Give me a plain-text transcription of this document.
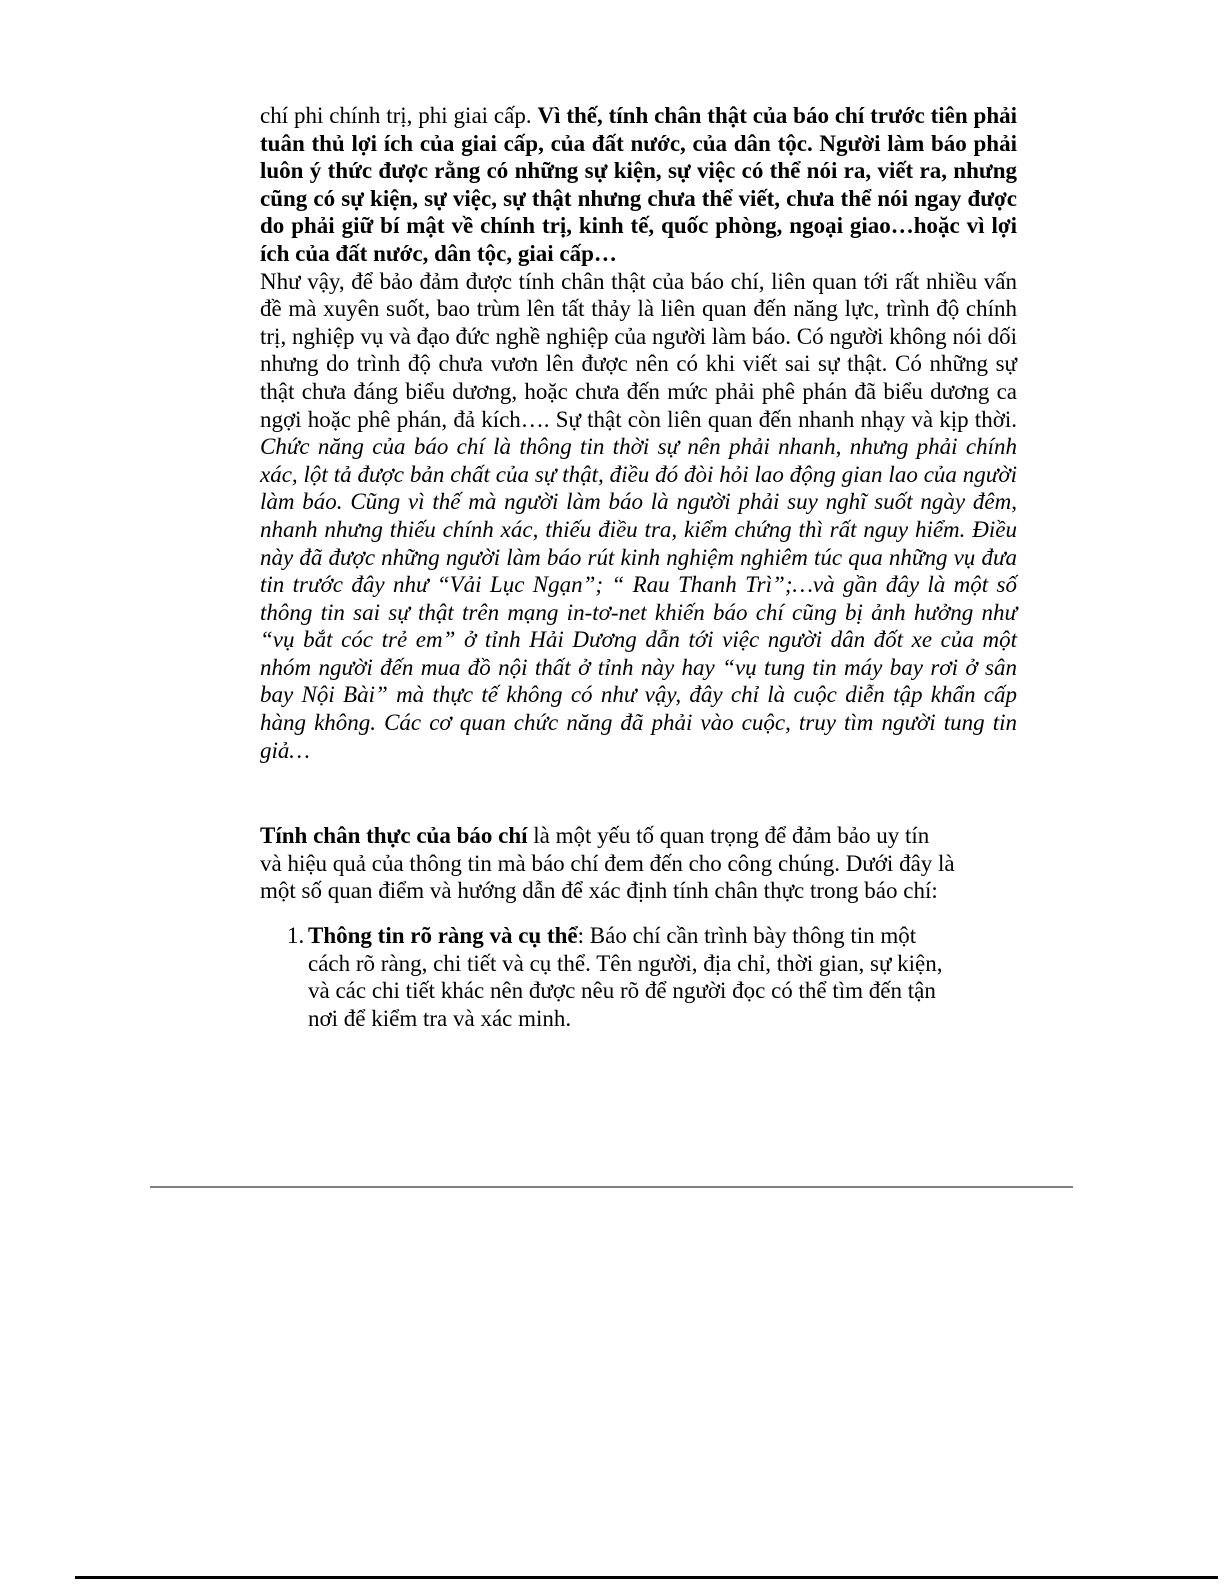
chí phi chính trị, phi giai cấp. Vì thế, tính chân thật của báo chí trước tiên phải tuân thủ lợi ích của giai cấp, của đất nước, của dân tộc. Người làm báo phải luôn ý thức được rằng có những sự kiện, sự việc có thể nói ra, viết ra, nhưng cũng có sự kiện, sự việc, sự thật nhưng chưa thể viết, chưa thể nói ngay được do phải giữ bí mật về chính trị, kinh tế, quốc phòng, ngoại giao…hoặc vì lợi ích của đất nước, dân tộc, giai cấp…

Như vậy, để bảo đảm được tính chân thật của báo chí, liên quan tới rất nhiều vấn đề mà xuyên suốt, bao trùm lên tất thảy là liên quan đến năng lực, trình độ chính trị, nghiệp vụ và đạo đức nghề nghiệp của người làm báo. Có người không nói dối nhưng do trình độ chưa vươn lên được nên có khi viết sai sự thật. Có những sự thật chưa đáng biểu dương, hoặc chưa đến mức phải phê phán đã biểu dương ca ngợi hoặc phê phán, đả kích…. Sự thật còn liên quan đến nhanh nhạy và kịp thời. Chức năng của báo chí là thông tin thời sự nên phải nhanh, nhưng phải chính xác, lột tả được bản chất của sự thật, điều đó đòi hỏi lao động gian lao của người làm báo. Cũng vì thế mà người làm báo là người phải suy nghĩ suốt ngày đêm, nhanh nhưng thiếu chính xác, thiếu điều tra, kiểm chứng thì rất nguy hiểm. Điều này đã được những người làm báo rút kinh nghiệm nghiêm túc qua những vụ đưa tin trước đây như “Vải Lục Ngạn”; “ Rau Thanh Trì”;…và gần đây là một số thông tin sai sự thật trên mạng in-tơ-net khiến báo chí cũng bị ảnh hưởng như “vụ bắt cóc trẻ em” ở tỉnh Hải Dương dẫn tới việc người dân đốt xe của một nhóm người đến mua đồ nội thất ở tỉnh này hay “vụ tung tin máy bay rơi ở sân bay Nội Bài” mà thực tế không có như vậy, đây chỉ là cuộc diễn tập khẩn cấp hàng không. Các cơ quan chức năng đã phải vào cuộc, truy tìm người tung tin giả…

Tính chân thực của báo chí là một yếu tố quan trọng để đảm bảo uy tín và hiệu quả của thông tin mà báo chí đem đến cho công chúng. Dưới đây là một số quan điểm và hướng dẫn để xác định tính chân thực trong báo chí:

1. Thông tin rõ ràng và cụ thể: Báo chí cần trình bày thông tin một cách rõ ràng, chi tiết và cụ thể. Tên người, địa chỉ, thời gian, sự kiện, và các chi tiết khác nên được nêu rõ để người đọc có thể tìm đến tận nơi để kiểm tra và xác minh.
